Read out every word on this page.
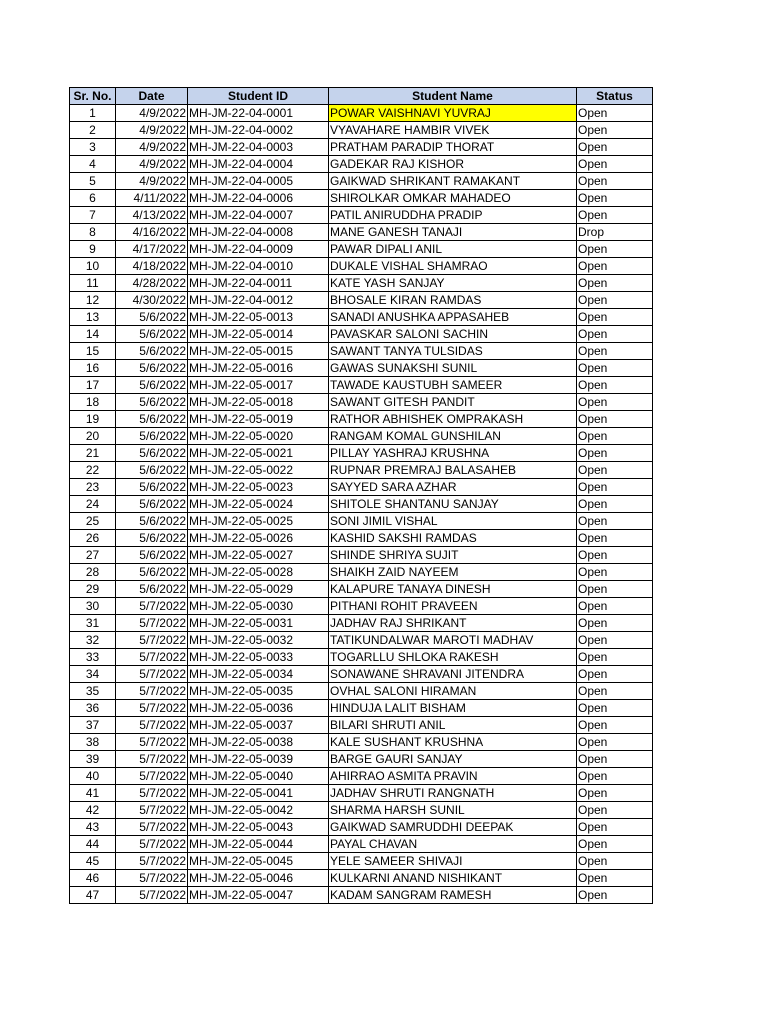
Sr. No.	Date	Student ID	Student Name	Status
1	4/9/2022	MH-JM-22-04-0001	POWAR VAISHNAVI YUVRAJ	Open
2	4/9/2022	MH-JM-22-04-0002	VYAVAHARE HAMBIR VIVEK	Open
3	4/9/2022	MH-JM-22-04-0003	PRATHAM PARADIP THORAT	Open
4	4/9/2022	MH-JM-22-04-0004	GADEKAR RAJ KISHOR	Open
5	4/9/2022	MH-JM-22-04-0005	GAIKWAD SHRIKANT RAMAKANT	Open
6	4/11/2022	MH-JM-22-04-0006	SHIROLKAR OMKAR MAHADEO	Open
7	4/13/2022	MH-JM-22-04-0007	PATIL ANIRUDDHA PRADIP	Open
8	4/16/2022	MH-JM-22-04-0008	MANE GANESH TANAJI	Drop
9	4/17/2022	MH-JM-22-04-0009	PAWAR DIPALI ANIL	Open
10	4/18/2022	MH-JM-22-04-0010	DUKALE VISHAL SHAMRAO	Open
11	4/28/2022	MH-JM-22-04-0011	KATE YASH SANJAY	Open
12	4/30/2022	MH-JM-22-04-0012	BHOSALE KIRAN RAMDAS	Open
13	5/6/2022	MH-JM-22-05-0013	SANADI ANUSHKA APPASAHEB	Open
14	5/6/2022	MH-JM-22-05-0014	PAVASKAR SALONI SACHIN	Open
15	5/6/2022	MH-JM-22-05-0015	SAWANT TANYA TULSIDAS	Open
16	5/6/2022	MH-JM-22-05-0016	GAWAS SUNAKSHI SUNIL	Open
17	5/6/2022	MH-JM-22-05-0017	TAWADE KAUSTUBH SAMEER	Open
18	5/6/2022	MH-JM-22-05-0018	SAWANT GITESH PANDIT	Open
19	5/6/2022	MH-JM-22-05-0019	RATHOR ABHISHEK OMPRAKASH	Open
20	5/6/2022	MH-JM-22-05-0020	RANGAM KOMAL GUNSHILAN	Open
21	5/6/2022	MH-JM-22-05-0021	PILLAY YASHRAJ KRUSHNA	Open
22	5/6/2022	MH-JM-22-05-0022	RUPNAR PREMRAJ BALASAHEB	Open
23	5/6/2022	MH-JM-22-05-0023	SAYYED SARA AZHAR	Open
24	5/6/2022	MH-JM-22-05-0024	SHITOLE SHANTANU SANJAY	Open
25	5/6/2022	MH-JM-22-05-0025	SONI JIMIL VISHAL	Open
26	5/6/2022	MH-JM-22-05-0026	KASHID SAKSHI RAMDAS	Open
27	5/6/2022	MH-JM-22-05-0027	SHINDE SHRIYA SUJIT	Open
28	5/6/2022	MH-JM-22-05-0028	SHAIKH ZAID NAYEEM	Open
29	5/6/2022	MH-JM-22-05-0029	KALAPURE TANAYA DINESH	Open
30	5/7/2022	MH-JM-22-05-0030	PITHANI ROHIT PRAVEEN	Open
31	5/7/2022	MH-JM-22-05-0031	JADHAV RAJ SHRIKANT	Open
32	5/7/2022	MH-JM-22-05-0032	TATIKUNDALWAR MAROTI MADHAV	Open
33	5/7/2022	MH-JM-22-05-0033	TOGARLLU SHLOKA RAKESH	Open
34	5/7/2022	MH-JM-22-05-0034	SONAWANE SHRAVANI JITENDRA	Open
35	5/7/2022	MH-JM-22-05-0035	OVHAL SALONI HIRAMAN	Open
36	5/7/2022	MH-JM-22-05-0036	HINDUJA LALIT BISHAM	Open
37	5/7/2022	MH-JM-22-05-0037	BILARI SHRUTI ANIL	Open
38	5/7/2022	MH-JM-22-05-0038	KALE SUSHANT KRUSHNA	Open
39	5/7/2022	MH-JM-22-05-0039	BARGE GAURI SANJAY	Open
40	5/7/2022	MH-JM-22-05-0040	AHIRRAO ASMITA PRAVIN	Open
41	5/7/2022	MH-JM-22-05-0041	JADHAV SHRUTI RANGNATH	Open
42	5/7/2022	MH-JM-22-05-0042	SHARMA HARSH SUNIL	Open
43	5/7/2022	MH-JM-22-05-0043	GAIKWAD SAMRUDDHI DEEPAK	Open
44	5/7/2022	MH-JM-22-05-0044	PAYAL CHAVAN	Open
45	5/7/2022	MH-JM-22-05-0045	YELE SAMEER SHIVAJI	Open
46	5/7/2022	MH-JM-22-05-0046	KULKARNI ANAND NISHIKANT	Open
47	5/7/2022	MH-JM-22-05-0047	KADAM SANGRAM RAMESH	Open
